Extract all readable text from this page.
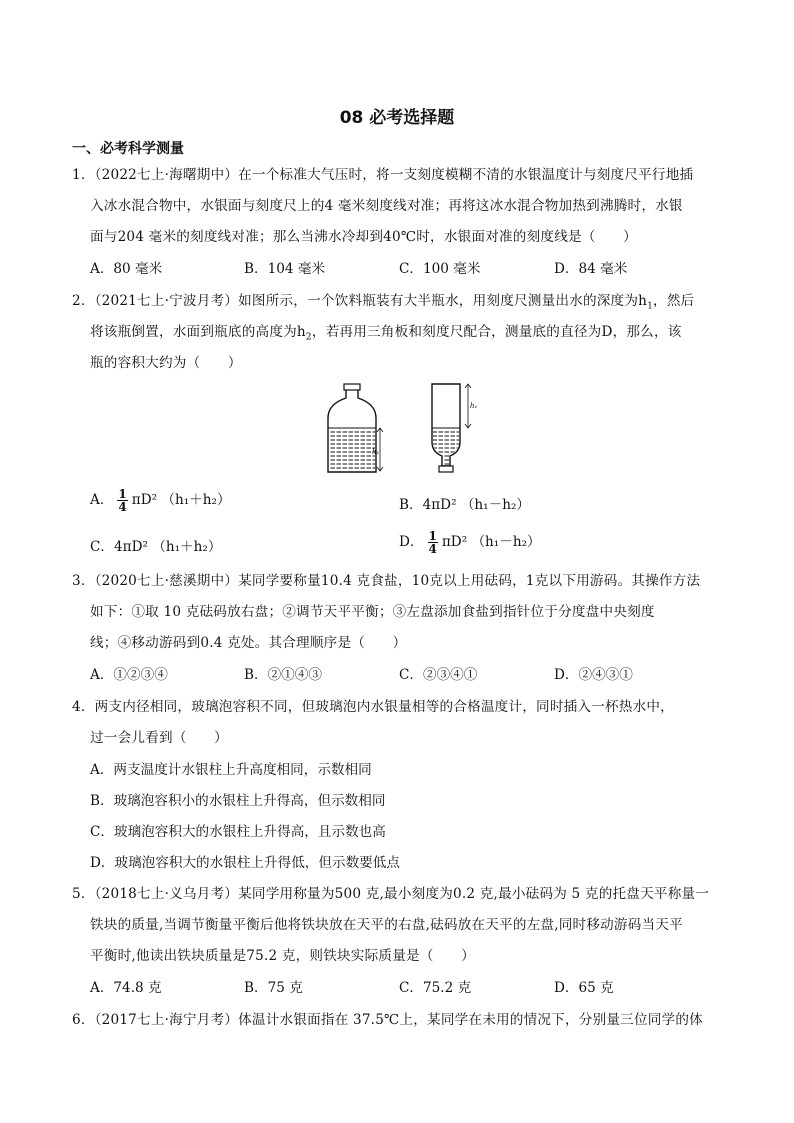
08 必考选择题
一、必考科学测量
1．（2022七上·海曙期中）在一个标准大气压时，将一支刻度模糊不清的水银温度计与刻度尺平行地插
入冰水混合物中，水银面与刻度尺上的4 毫米刻度线对准；再将这冰水混合物加热到沸腾时，水银
面与204 毫米的刻度线对准；那么当沸水冷却到40℃时，水银面对准的刻度线是（　　）
A．80 毫米	B．104 毫米	C．100 毫米	D．84 毫米
2．（2021七上·宁波月考）如图所示，一个饮料瓶装有大半瓶水，用刻度尺测量出水的深度为$h_1$，然后
将该瓶倒置，水面到瓶底的高度为$h_2$，若再用三角板和刻度尺配合，测量底的直径为D，那么，该
瓶的容积大约为（　　）
h₁
h₁
A． $\frac{1}{4} \pi D^2$ （h₁＋h₂）	B．4πD² （h₁－h₂）
C．4πD² （h₁＋h₂）	D． $\frac{1}{4} \pi D^2$ （h₁－h₂）
3．（2020七上·慈溪期中）某同学要称量10.4 克食盐，10克以上用砝码，1克以下用游码。其操作方法
如下：①取 10 克砝码放右盘；②调节天平平衡；③左盘添加食盐到指针位于分度盘中央刻度
线；④移动游码到0.4 克处。其合理顺序是（　　）
A．①②③④	B．②①④③	C．②③④①	D．②④③①
4．两支内径相同，玻璃泡容积不同，但玻璃泡内水银量相等的合格温度计，同时插入一杯热水中，
过一会儿看到（　　）
A．两支温度计水银柱上升高度相同，示数相同
B．玻璃泡容积小的水银柱上升得高，但示数相同
C．玻璃泡容积大的水银柱上升得高，且示数也高
D．玻璃泡容积大的水银柱上升得低，但示数要低点
5．（2018七上·义乌月考）某同学用称量为500 克,最小刻度为0.2 克,最小砝码为 5 克的托盘天平称量一
铁块的质量,当调节衡量平衡后他将铁块放在天平的右盘,砝码放在天平的左盘,同时移动游码当天平
平衡时,他读出铁块质量是75.2 克，则铁块实际质量是（　　）
A．74.8 克	B．75 克	C．75.2 克	D．65 克
6．（2017七上·海宁月考）体温计水银面指在 37.5℃上，某同学在未用的情况下，分别量三位同学的体
